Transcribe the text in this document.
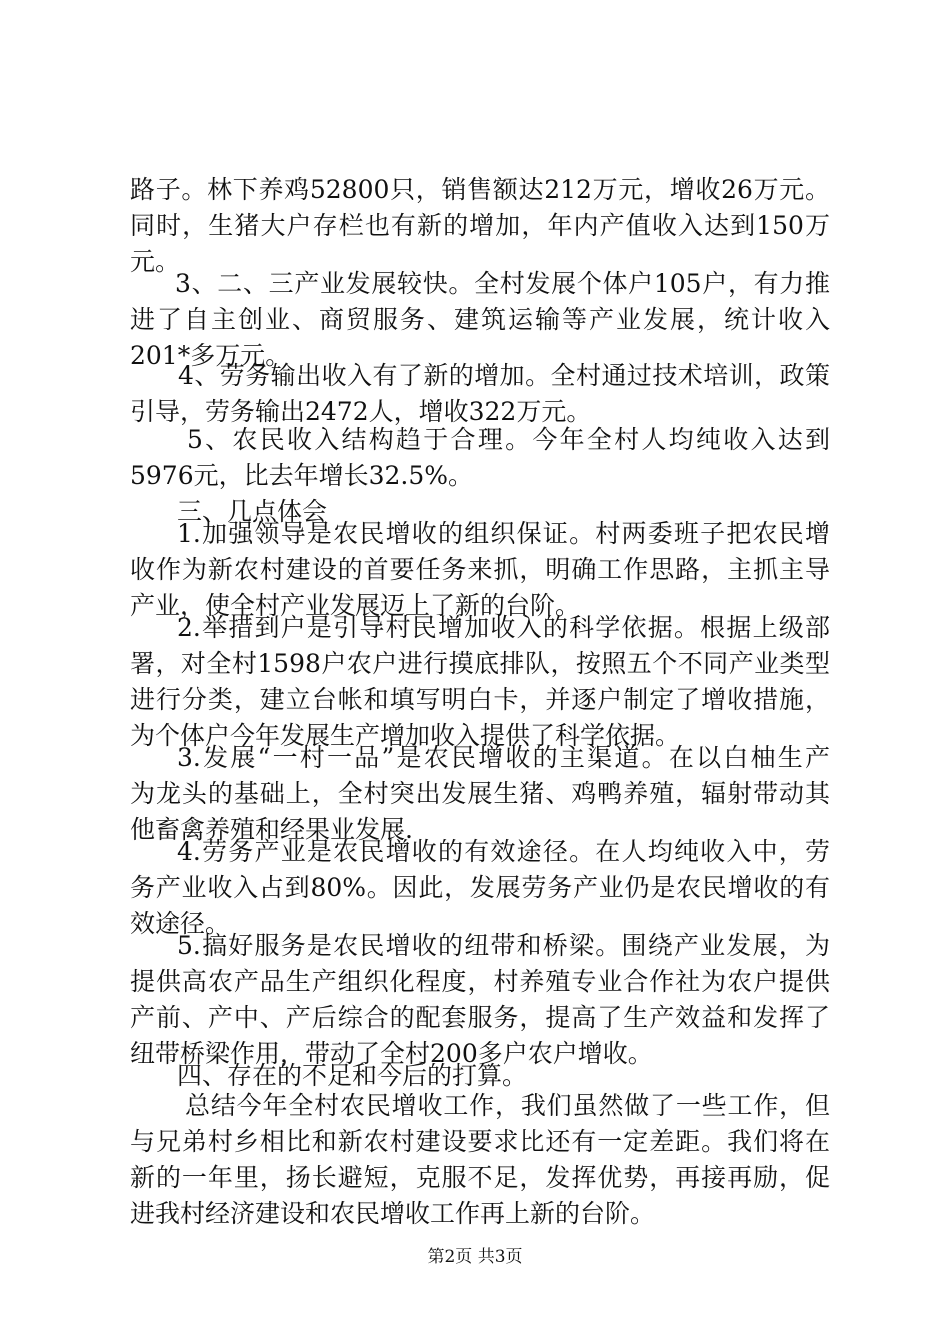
路子。林下养鸡52800只，销售额达212万元，增收26万元。
同时，生猪大户存栏也有新的增加，年内产值收入达到150万
元。
3、二、三产业发展较快。全村发展个体户105户，有力推
进了自主创业、商贸服务、建筑运输等产业发展，统计收入
201*多万元。
4、劳务输出收入有了新的增加。全村通过技术培训，政策
引导，劳务输出2472人，增收322万元。
5、农民收入结构趋于合理。今年全村人均纯收入达到
5976元，比去年增长32.5%。
三、几点体会
1.加强领导是农民增收的组织保证。村两委班子把农民增
收作为新农村建设的首要任务来抓，明确工作思路，主抓主导
产业，使全村产业发展迈上了新的台阶。
2.举措到户是引导村民增加收入的科学依据。根据上级部
署，对全村1598户农户进行摸底排队，按照五个不同产业类型
进行分类，建立台帐和填写明白卡，并逐户制定了增收措施，
为个体户今年发展生产增加收入提供了科学依据。
3.发展“一村一品”是农民增收的主渠道。在以白柚生产
为龙头的基础上，全村突出发展生猪、鸡鸭养殖，辐射带动其
他畜禽养殖和经果业发展.
4.劳务产业是农民增收的有效途径。在人均纯收入中，劳
务产业收入占到80%。因此，发展劳务产业仍是农民增收的有
效途径。
5.搞好服务是农民增收的纽带和桥梁。围绕产业发展，为
提供高农产品生产组织化程度，村养殖专业合作社为农户提供
产前、产中、产后综合的配套服务，提高了生产效益和发挥了
纽带桥梁作用，带动了全村200多户农户增收。
四、存在的不足和今后的打算。
总结今年全村农民增收工作，我们虽然做了一些工作，但
与兄弟村乡相比和新农村建设要求比还有一定差距。我们将在
新的一年里，扬长避短，克服不足，发挥优势，再接再励，促
进我村经济建设和农民增收工作再上新的台阶。
第2页 共3页
